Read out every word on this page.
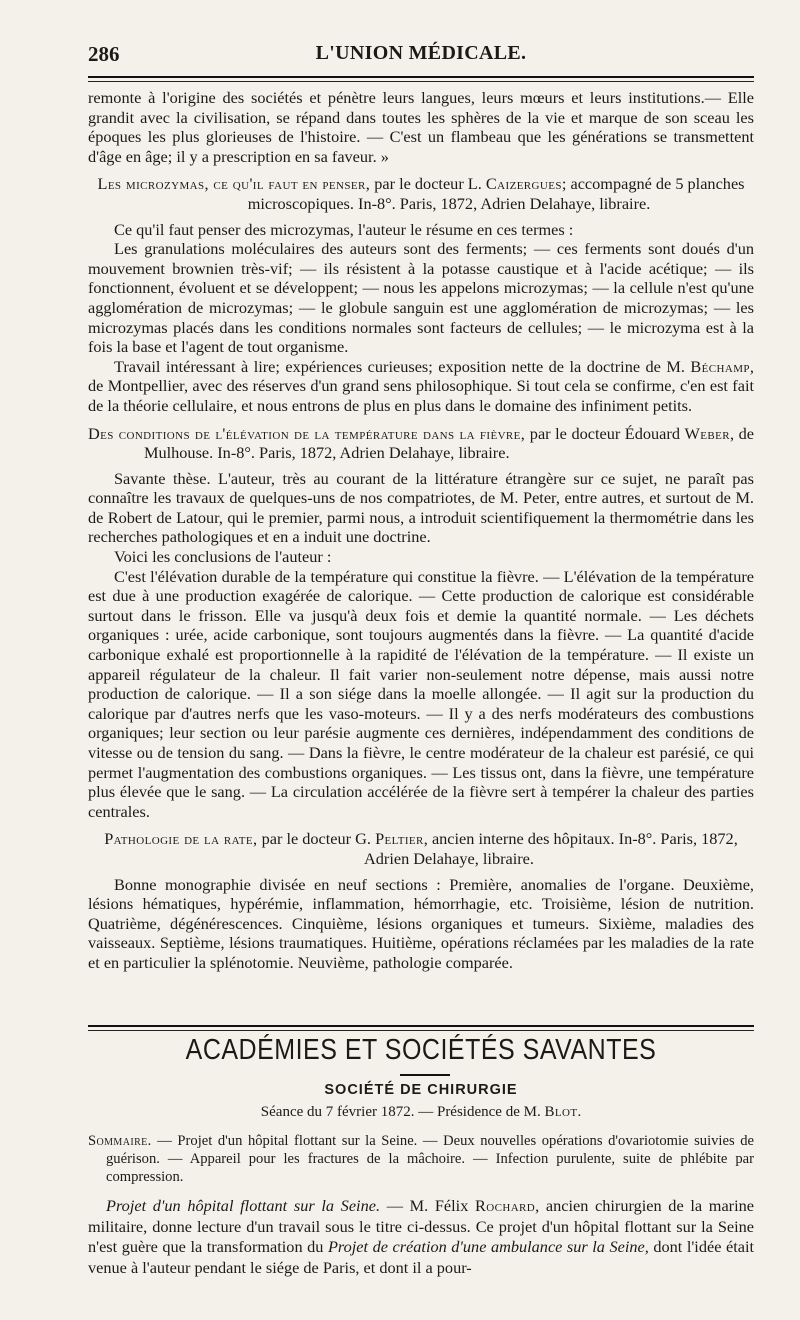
286	L'UNION MÉDICALE.

remonte à l'origine des sociétés et pénètre leurs langues, leurs mœurs et leurs institutions.— Elle grandit avec la civilisation, se répand dans toutes les sphères de la vie et marque de son sceau les époques les plus glorieuses de l'histoire. — C'est un flambeau que les générations se transmettent d'âge en âge; il y a prescription en sa faveur. »

Les microzymas, ce qu'il faut en penser, par le docteur L. Caizergues; accompagné de 5 planches microscopiques. In-8°. Paris, 1872, Adrien Delahaye, libraire.

Ce qu'il faut penser des microzymas, l'auteur le résume en ces termes :

Les granulations moléculaires des auteurs sont des ferments; — ces ferments sont doués d'un mouvement brownien très-vif; — ils résistent à la potasse caustique et à l'acide acétique; — ils fonctionnent, évoluent et se développent; — nous les appelons microzymas; — la cellule n'est qu'une agglomération de microzymas; — le globule sanguin est une agglomération de microzymas; — les microzymas placés dans les conditions normales sont facteurs de cellules; — le microzyma est à la fois la base et l'agent de tout organisme.

Travail intéressant à lire; expériences curieuses; exposition nette de la doctrine de M. Béchamp, de Montpellier, avec des réserves d'un grand sens philosophique. Si tout cela se confirme, c'en est fait de la théorie cellulaire, et nous entrons de plus en plus dans le domaine des infiniment petits.

Des conditions de l'élévation de la température dans la fièvre, par le docteur Édouard Weber, de Mulhouse. In-8°. Paris, 1872, Adrien Delahaye, libraire.

Savante thèse. L'auteur, très au courant de la littérature étrangère sur ce sujet, ne paraît pas connaître les travaux de quelques-uns de nos compatriotes, de M. Peter, entre autres, et surtout de M. de Robert de Latour, qui le premier, parmi nous, a introduit scientifiquement la thermométrie dans les recherches pathologiques et en a induit une doctrine.

Voici les conclusions de l'auteur :

C'est l'élévation durable de la température qui constitue la fièvre. — L'élévation de la température est due à une production exagérée de calorique. — Cette production de calorique est considérable surtout dans le frisson. Elle va jusqu'à deux fois et demie la quantité normale. — Les déchets organiques : urée, acide carbonique, sont toujours augmentés dans la fièvre. — La quantité d'acide carbonique exhalé est proportionnelle à la rapidité de l'élévation de la température. — Il existe un appareil régulateur de la chaleur. Il fait varier non-seulement notre dépense, mais aussi notre production de calorique. — Il a son siége dans la moelle allongée. — Il agit sur la production du calorique par d'autres nerfs que les vaso-moteurs. — Il y a des nerfs modérateurs des combustions organiques; leur section ou leur parésie augmente ces dernières, indépendamment des conditions de vitesse ou de tension du sang. — Dans la fièvre, le centre modérateur de la chaleur est parésié, ce qui permet l'augmentation des combustions organiques. — Les tissus ont, dans la fièvre, une température plus élevée que le sang. — La circulation accélérée de la fièvre sert à tempérer la chaleur des parties centrales.

Pathologie de la rate, par le docteur G. Peltier, ancien interne des hôpitaux. In-8°. Paris, 1872, Adrien Delahaye, libraire.

Bonne monographie divisée en neuf sections : Première, anomalies de l'organe. Deuxième, lésions hématiques, hypérémie, inflammation, hémorrhagie, etc. Troisième, lésion de nutrition. Quatrième, dégénérescences. Cinquième, lésions organiques et tumeurs. Sixième, maladies des vaisseaux. Septième, lésions traumatiques. Huitième, opérations réclamées par les maladies de la rate et en particulier la splénotomie. Neuvième, pathologie comparée.

ACADÉMIES ET SOCIÉTÉS SAVANTES
SOCIÉTÉ DE CHIRURGIE
Séance du 7 février 1872. — Présidence de M. Blot.
Sommaire. — Projet d'un hôpital flottant sur la Seine. — Deux nouvelles opérations d'ovariotomie suivies de guérison. — Appareil pour les fractures de la mâchoire. — Infection purulente, suite de phlébite par compression.

Projet d'un hôpital flottant sur la Seine. — M. Félix Rochard, ancien chirurgien de la marine militaire, donne lecture d'un travail sous le titre ci-dessus. Ce projet d'un hôpital flottant sur la Seine n'est guère que la transformation du Projet de création d'une ambulance sur la Seine, dont l'idée était venue à l'auteur pendant le siége de Paris, et dont il a pour-
